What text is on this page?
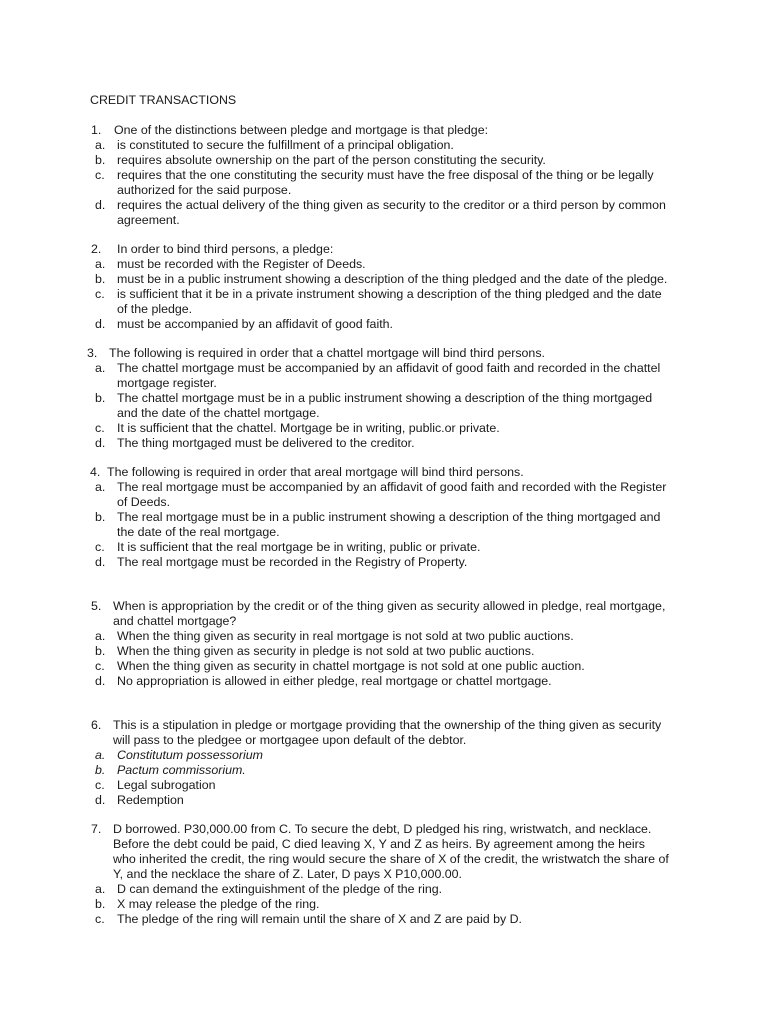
CREDIT TRANSACTIONS
1. One of the distinctions between pledge and mortgage is that pledge:
a. is constituted to secure the fulfillment of a principal obligation.
b. requires absolute ownership on the part of the person constituting the security.
c. requires that the one constituting the security must have the free disposal of the thing or be legally
authorized for the said purpose.
d. requires the actual delivery of the thing given as security to the creditor or a third person by common
agreement.
2. In order to bind third persons, a pledge:
a. must be recorded with the Register of Deeds.
b. must be in a public instrument showing a description of the thing pledged and the date of the pledge.
c. is sufficient that it be in a private instrument showing a description of the thing pledged and the date
of the pledge.
d. must be accompanied by an affidavit of good faith.
3. The following is required in order that a chattel mortgage will bind third persons.
a. The chattel mortgage must be accompanied by an affidavit of good faith and recorded in the chattel
mortgage register.
b. The chattel mortgage must be in a public instrument showing a description of the thing mortgaged
and the date of the chattel mortgage.
c. It is sufficient that the chattel. Mortgage be in writing, public.or private.
d. The thing mortgaged must be delivered to the creditor.
4. The following is required in order that areal mortgage will bind third persons.
a. The real mortgage must be accompanied by an affidavit of good faith and recorded with the Register
of Deeds.
b. The real mortgage must be in a public instrument showing a description of the thing mortgaged and
the date of the real mortgage.
c. It is sufficient that the real mortgage be in writing, public or private.
d. The real mortgage must be recorded in the Registry of Property.
5. When is appropriation by the credit or of the thing given as security allowed in pledge, real mortgage,
and chattel mortgage?
a. When the thing given as security in real mortgage is not sold at two public auctions.
b. When the thing given as security in pledge is not sold at two public auctions.
c. When the thing given as security in chattel mortgage is not sold at one public auction.
d. No appropriation is allowed in either pledge, real mortgage or chattel mortgage.
6. This is a stipulation in pledge or mortgage providing that the ownership of the thing given as security
will pass to the pledgee or mortgagee upon default of the debtor.
a. Constitutum possessorium
b. Pactum commissorium.
c. Legal subrogation
d. Redemption
7. D borrowed. P30,000.00 from C. To secure the debt, D pledged his ring, wristwatch, and necklace.
Before the debt could be paid, C died leaving X, Y and Z as heirs. By agreement among the heirs
who inherited the credit, the ring would secure the share of X of the credit, the wristwatch the share of
Y, and the necklace the share of Z. Later, D pays X P10,000.00.
a. D can demand the extinguishment of the pledge of the ring.
b. X may release the pledge of the ring.
c. The pledge of the ring will remain until the share of X and Z are paid by D.
